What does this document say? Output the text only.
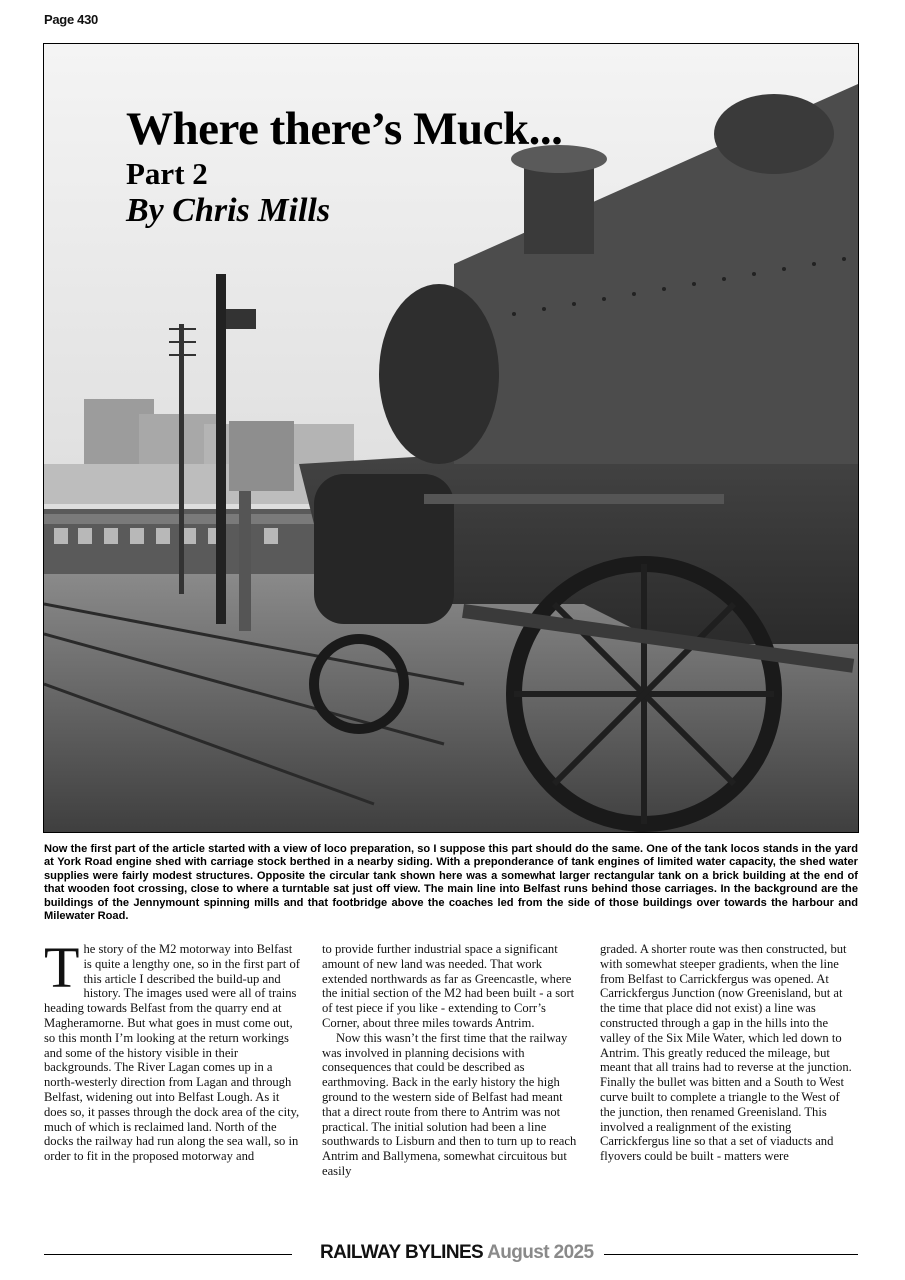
Page 430
Where there’s Muck...
Part 2
By Chris Mills
Now the first part of the article started with a view of loco preparation, so I suppose this part should do the same. One of the tank locos stands in the yard at York Road engine shed with carriage stock berthed in a nearby siding. With a preponderance of tank engines of limited water capacity, the shed water supplies were fairly modest structures. Opposite the circular tank shown here was a somewhat larger rectangular tank on a brick building at the end of that wooden foot crossing, close to where a turntable sat just off view. The main line into Belfast runs behind those carriages. In the background are the buildings of the Jennymount spinning mills and that footbridge above the coaches led from the side of those buildings over towards the harbour and Milewater Road.

The story of the M2 motorway into Belfast is quite a lengthy one, so in the first part of this article I described the build-up and history. The images used were all of trains heading towards Belfast from the quarry end at Magheramorne. But what goes in must come out, so this month I’m looking at the return workings and some of the history visible in their backgrounds. The River Lagan comes up in a north-westerly direction from Lagan and through Belfast, widening out into Belfast Lough. As it does so, it passes through the dock area of the city, much of which is reclaimed land. North of the docks the railway had run along the sea wall, so in order to fit in the proposed motorway and

to provide further industrial space a significant amount of new land was needed. That work extended northwards as far as Greencastle, where the initial section of the M2 had been built - a sort of test piece if you like - extending to Corr’s Corner, about three miles towards Antrim.

Now this wasn’t the first time that the railway was involved in planning decisions with consequences that could be described as earthmoving. Back in the early history the high ground to the western side of Belfast had meant that a direct route from there to Antrim was not practical. The initial solution had been a line southwards to Lisburn and then to turn up to reach Antrim and Ballymena, somewhat circuitous but easily

graded. A shorter route was then constructed, but with somewhat steeper gradients, when the line from Belfast to Carrickfergus was opened. At Carrickfergus Junction (now Greenisland, but at the time that place did not exist) a line was constructed through a gap in the hills into the valley of the Six Mile Water, which led down to Antrim. This greatly reduced the mileage, but meant that all trains had to reverse at the junction. Finally the bullet was bitten and a South to West curve built to complete a triangle to the West of the junction, then renamed Greenisland. This involved a realignment of the existing Carrickfergus line so that a set of viaducts and flyovers could be built - matters were

RAILWAY BYLINES August 2025
